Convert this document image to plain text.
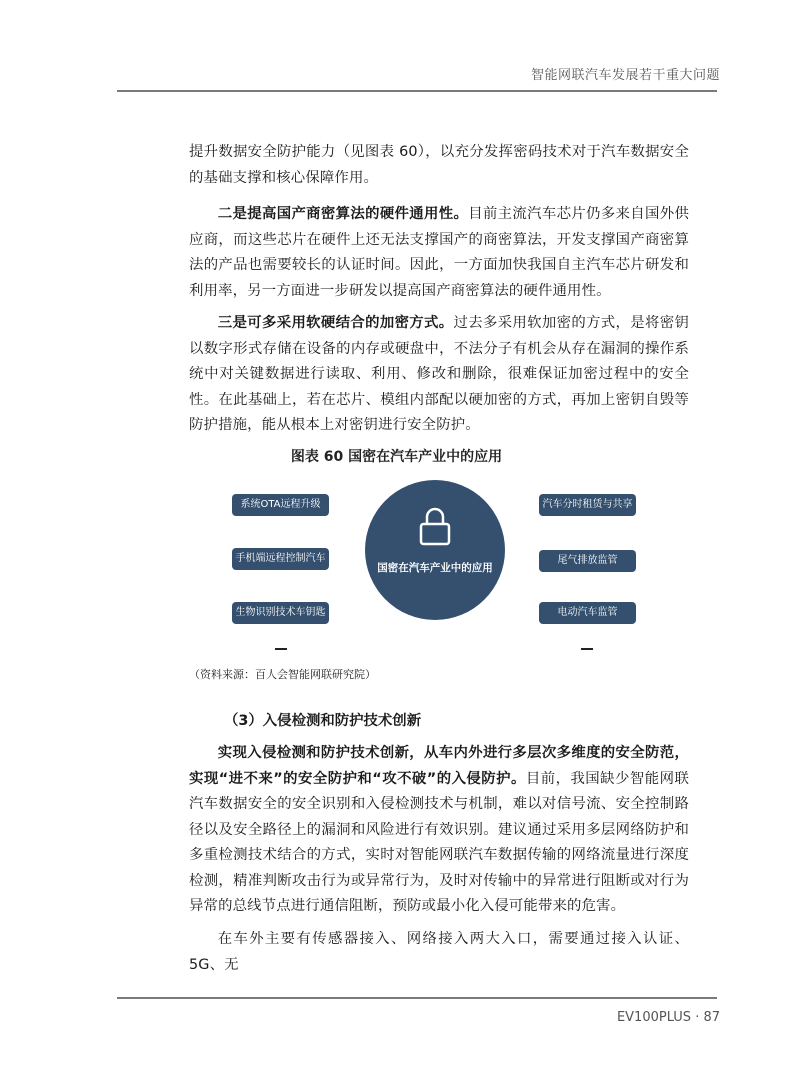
智能网联汽车发展若干重大问题

提升数据安全防护能力（见图表 60），以充分发挥密码技术对于汽车数据安全的基础支撑和核心保障作用。

二是提高国产商密算法的硬件通用性。目前主流汽车芯片仍多来自国外供应商，而这些芯片在硬件上还无法支撑国产的商密算法，开发支撑国产商密算法的产品也需要较长的认证时间。因此，一方面加快我国自主汽车芯片研发和利用率，另一方面进一步研发以提高国产商密算法的硬件通用性。

三是可多采用软硬结合的加密方式。过去多采用软加密的方式，是将密钥以数字形式存储在设备的内存或硬盘中，不法分子有机会从存在漏洞的操作系统中对关键数据进行读取、利用、修改和删除，很难保证加密过程中的安全性。在此基础上，若在芯片、模组内部配以硬加密的方式，再加上密钥自毁等防护措施，能从根本上对密钥进行安全防护。

图表 60 国密在汽车产业中的应用
系统OTA远程升级
手机端远程控制汽车
生物识别技术车钥匙
国密在汽车产业中的应用
汽车分时租赁与共享
尾气排放监管
电动汽车监管
（资料来源：百人会智能网联研究院）
（3）入侵检测和防护技术创新

实现入侵检测和防护技术创新，从车内外进行多层次多维度的安全防范，实现“进不来”的安全防护和“攻不破”的入侵防护。目前，我国缺少智能网联汽车数据安全的安全识别和入侵检测技术与机制，难以对信号流、安全控制路径以及安全路径上的漏洞和风险进行有效识别。建议通过采用多层网络防护和多重检测技术结合的方式，实时对智能网联汽车数据传输的网络流量进行深度检测，精准判断攻击行为或异常行为，及时对传输中的异常进行阻断或对行为异常的总线节点进行通信阻断，预防或最小化入侵可能带来的危害。

在车外主要有传感器接入、网络接入两大入口，需要通过接入认证、5G、无

EV100PLUS · 87
